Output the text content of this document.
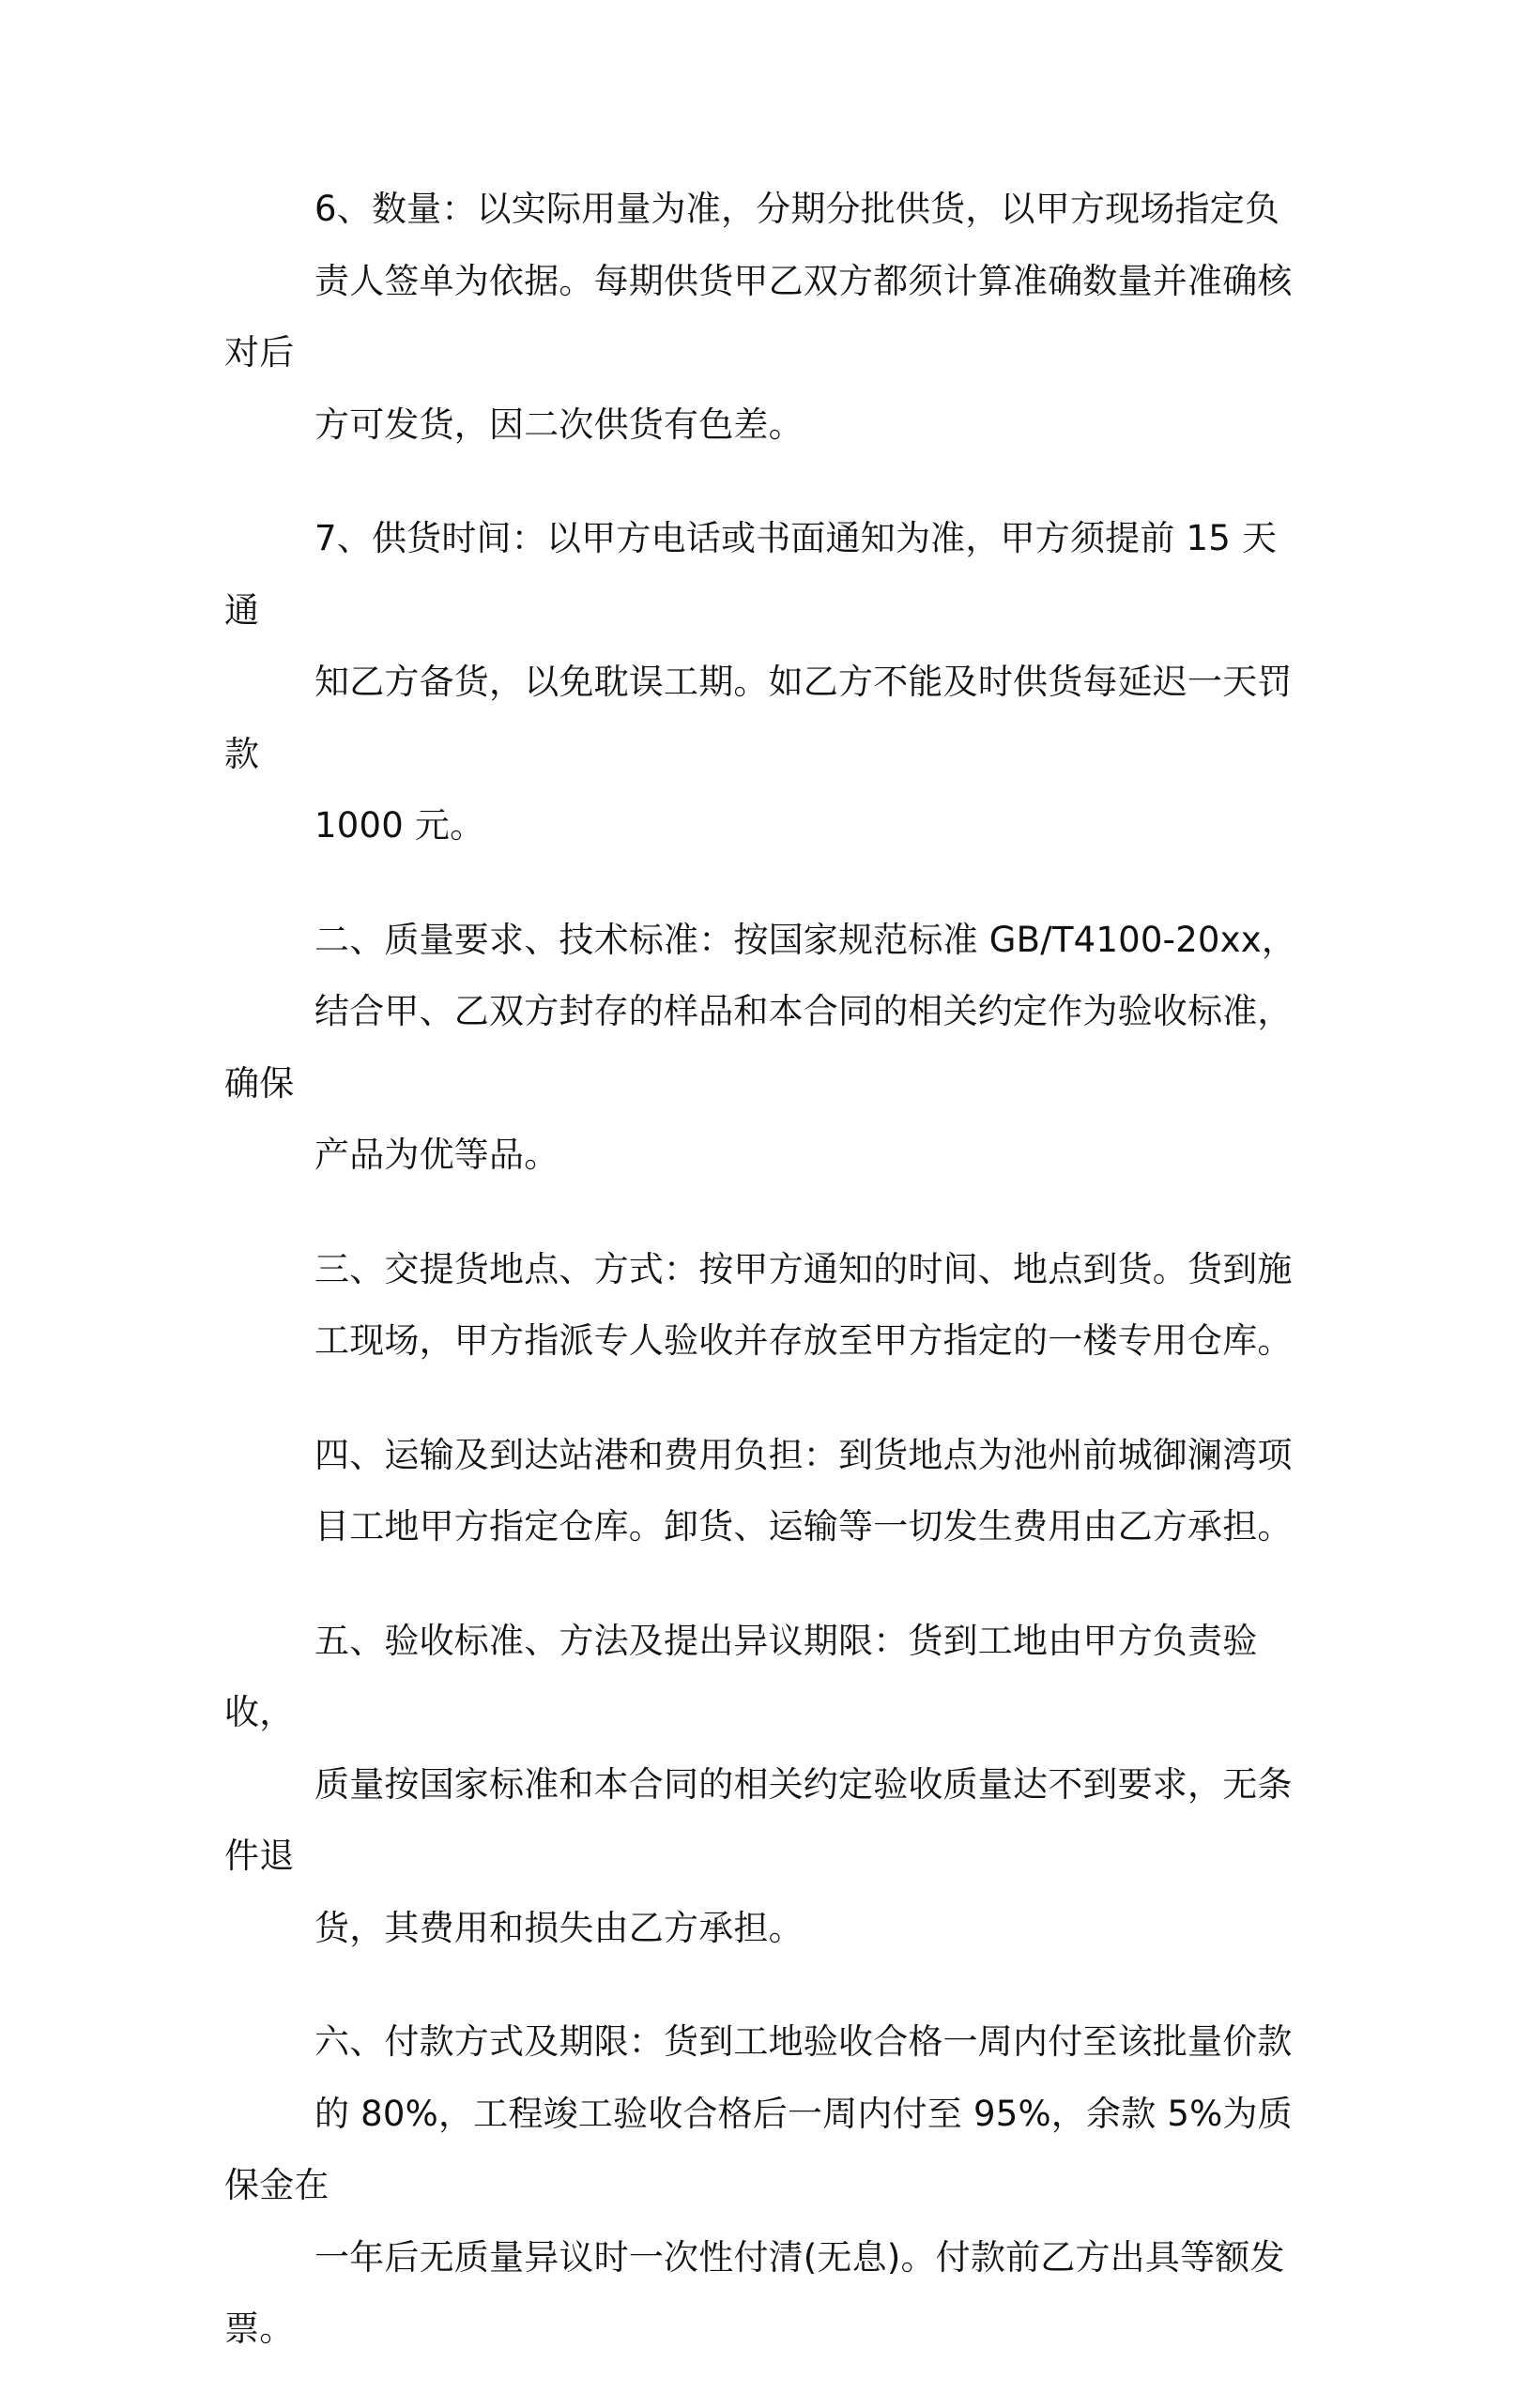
6、数量：以实际用量为准，分期分批供货，以甲方现场指定负
责人签单为依据。每期供货甲乙双方都须计算准确数量并准确核对后
方可发货，因二次供货有色差。

7、供货时间：以甲方电话或书面通知为准，甲方须提前 15 天通
知乙方备货，以免耽误工期。如乙方不能及时供货每延迟一天罚款
1000 元。

二、质量要求、技术标准：按国家规范标准 GB/T4100-20xx，
结合甲、乙双方封存的样品和本合同的相关约定作为验收标准，确保
产品为优等品。

三、交提货地点、方式：按甲方通知的时间、地点到货。货到施
工现场，甲方指派专人验收并存放至甲方指定的一楼专用仓库。

四、运输及到达站港和费用负担：到货地点为池州前城御澜湾项
目工地甲方指定仓库。卸货、运输等一切发生费用由乙方承担。

五、验收标准、方法及提出异议期限：货到工地由甲方负责验收，
质量按国家标准和本合同的相关约定验收质量达不到要求，无条件退
货，其费用和损失由乙方承担。

六、付款方式及期限：货到工地验收合格一周内付至该批量价款
的 80%，工程竣工验收合格后一周内付至 95%，余款 5%为质保金在
一年后无质量异议时一次性付清(无息)。付款前乙方出具等额发票。
